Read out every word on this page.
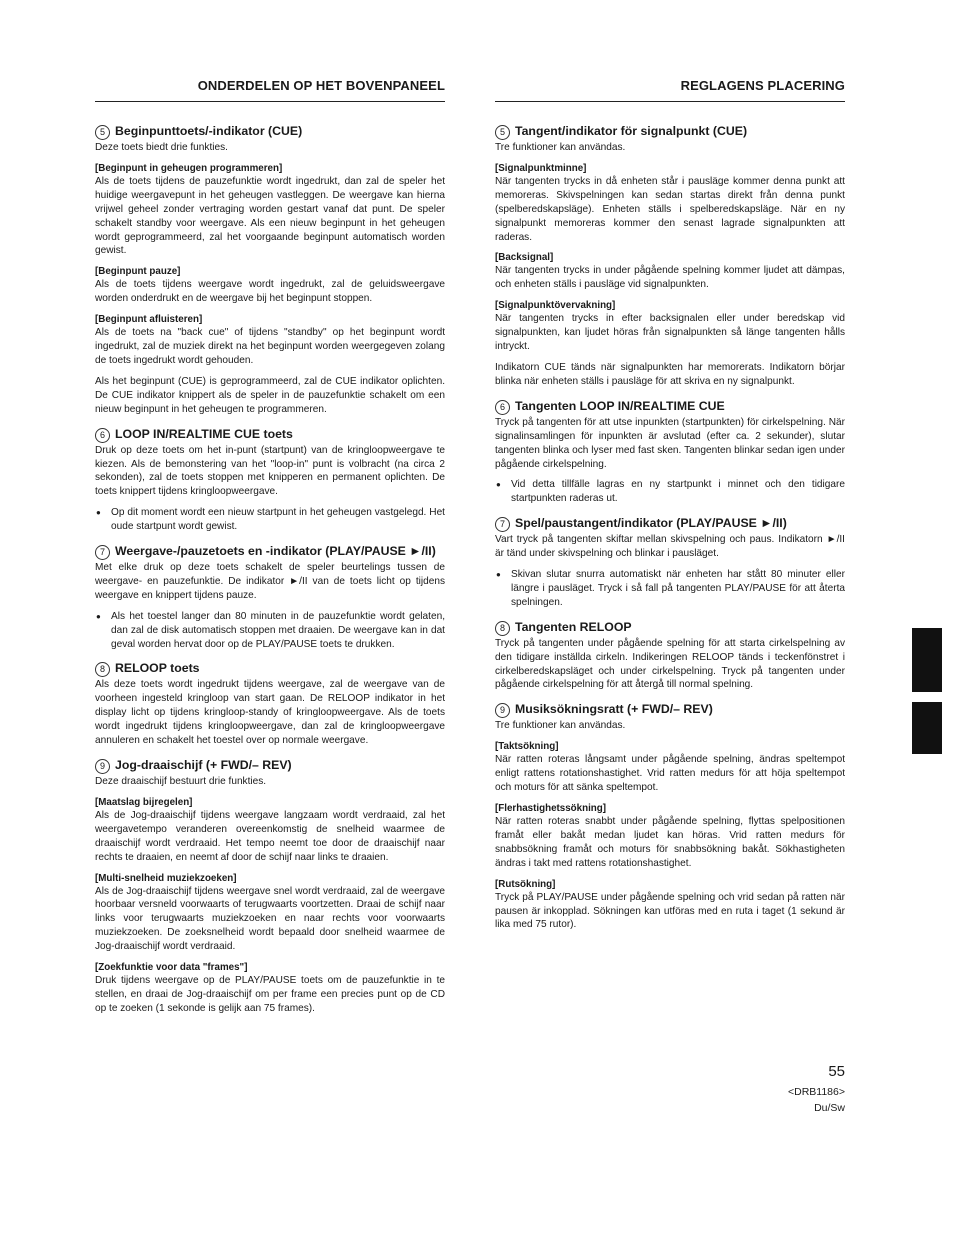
ONDERDELEN OP HET BOVENPANEEL
5 Beginpunttoets/-indikator (CUE)
Deze toets biedt drie funkties.
[Beginpunt in geheugen programmeren]
Als de toets tijdens de pauzefunktie wordt ingedrukt, dan zal de speler het huidige weergavepunt in het geheugen vastleggen. De weergave kan hierna vrijwel geheel zonder vertraging worden gestart vanaf dat punt. De speler schakelt standby voor weergave. Als een nieuw beginpunt in het geheugen wordt geprogrammeerd, zal het voorgaande beginpunt automatisch worden gewist.
[Beginpunt pauze]
Als de toets tijdens weergave wordt ingedrukt, zal de geluidsweergave worden onderdrukt en de weergave bij het beginpunt stoppen.
[Beginpunt afluisteren]
Als de toets na "back cue" of tijdens "standby" op het beginpunt wordt ingedrukt, zal de muziek direkt na het beginpunt worden weergegeven zolang de toets ingedrukt wordt gehouden.
Als het beginpunt (CUE) is geprogrammeerd, zal de CUE indikator oplichten. De CUE indikator knippert als de speler in de pauzefunktie schakelt om een nieuw beginpunt in het geheugen te programmeren.
6 LOOP IN/REALTIME CUE toets
Druk op deze toets om het in-punt (startpunt) van de kringloopweergave te kiezen. Als de bemonstering van het "loop-in" punt is volbracht (na circa 2 sekonden), zal de toets stoppen met knipperen en permanent oplichten. De toets knippert tijdens kringloopweergave.
● Op dit moment wordt een nieuw startpunt in het geheugen vastgelegd. Het oude startpunt wordt gewist.
7 Weergave-/pauzetoets en -indikator (PLAY/PAUSE ►/II)
Met elke druk op deze toets schakelt de speler beurtelings tussen de weergave- en pauzefunktie. De indikator ►/II van de toets licht op tijdens weergave en knippert tijdens pauze.
● Als het toestel langer dan 80 minuten in de pauzefunktie wordt gelaten, dan zal de disk automatisch stoppen met draaien. De weergave kan in dat geval worden hervat door op de PLAY/PAUSE toets te drukken.
8 RELOOP toets
Als deze toets wordt ingedrukt tijdens weergave, zal de weergave van de voorheen ingesteld kringloop van start gaan. De RELOOP indikator in het display licht op tijdens kringloop-standy of kringloopweergave. Als de toets wordt ingedrukt tijdens kringloopweergave, dan zal de kringloopweergave annuleren en schakelt het toestel over op normale weergave.
9 Jog-draaischijf (+ FWD/– REV)
Deze draaischijf bestuurt drie funkties.
[Maatslag bijregelen]
Als de Jog-draaischijf tijdens weergave langzaam wordt verdraaid, zal het weergavetempo veranderen overeenkomstig de snelheid waarmee de draaischijf wordt verdraaid. Het tempo neemt toe door de draaischijf naar rechts te draaien, en neemt af door de schijf naar links te draaien.
[Multi-snelheid muziekzoeken]
Als de Jog-draaischijf tijdens weergave snel wordt verdraaid, zal de weergave hoorbaar versneld voorwaarts of terugwaarts voortzetten. Draai de schijf naar links voor terugwaarts muziekzoeken en naar rechts voor voorwaarts muziekzoeken. De zoeksnelheid wordt bepaald door snelheid waarmee de Jog-draaischijf wordt verdraaid.
[Zoekfunktie voor data "frames"]
Druk tijdens weergave op de PLAY/PAUSE toets om de pauzefunktie in te stellen, en draai de Jog-draaischijf om per frame een precies punt op de CD op te zoeken (1 sekonde is gelijk aan 75 frames).
REGLAGENS PLACERING
5 Tangent/indikator för signalpunkt (CUE)
Tre funktioner kan användas.
[Signalpunktminne]
När tangenten trycks in då enheten står i pausläge kommer denna punkt att memoreras. Skivspelningen kan sedan startas direkt från denna punkt (spelberedskapsläge). Enheten ställs i spelberedskapsläge. När en ny signalpunkt memoreras kommer den senast lagrade signalpunkten att raderas.
[Backsignal]
När tangenten trycks in under pågående spelning kommer ljudet att dämpas, och enheten ställs i pausläge vid signalpunkten.
[Signalpunktövervakning]
När tangenten trycks in efter backsignalen eller under beredskap vid signalpunkten, kan ljudet höras från signalpunkten så länge tangenten hålls intryckt.
Indikatorn CUE tänds när signalpunkten har memorerats. Indikatorn börjar blinka när enheten ställs i pausläge för att skriva en ny signalpunkt.
6 Tangenten LOOP IN/REALTIME CUE
Tryck på tangenten för att utse inpunkten (startpunkten) för cirkelspelning. När signalinsamlingen för inpunkten är avslutad (efter ca. 2 sekunder), slutar tangenten blinka och lyser med fast sken. Tangenten blinkar sedan igen under pågående cirkelspelning.
● Vid detta tillfälle lagras en ny startpunkt i minnet och den tidigare startpunkten raderas ut.
7 Spel/paustangent/indikator (PLAY/PAUSE ►/II)
Vart tryck på tangenten skiftar mellan skivspelning och paus. Indikatorn ►/II är tänd under skivspelning och blinkar i pausläget.
● Skivan slutar snurra automatiskt när enheten har stått 80 minuter eller längre i pausläget. Tryck i så fall på tangenten PLAY/PAUSE för att återta spelningen.
8 Tangenten RELOOP
Tryck på tangenten under pågående spelning för att starta cirkelspelning av den tidigare inställda cirkeln. Indikeringen RELOOP tänds i teckenfönstret i cirkelberedskapsläget och under cirkelspelning. Tryck på tangenten under pågående cirkelspelning för att återgå till normal spelning.
9 Musiksökningsratt (+ FWD/– REV)
Tre funktioner kan användas.
[Taktsökning]
När ratten roteras långsamt under pågående spelning, ändras speltempot enligt rattens rotationshastighet. Vrid ratten medurs för att höja speltempot och moturs för att sänka speltempot.
[Flerhastighetssökning]
När ratten roteras snabbt under pågående spelning, flyttas spelpositionen framåt eller bakåt medan ljudet kan höras. Vrid ratten medurs för snabbsökning framåt och moturs för snabbsökning bakåt. Sökhastigheten ändras i takt med rattens rotationshastighet.
[Rutsökning]
Tryck på PLAY/PAUSE under pågående spelning och vrid sedan på ratten när pausen är inkopplad. Sökningen kan utföras med en ruta i taget (1 sekund är lika med 75 rutor).
55
<DRB1186>
Du/Sw
